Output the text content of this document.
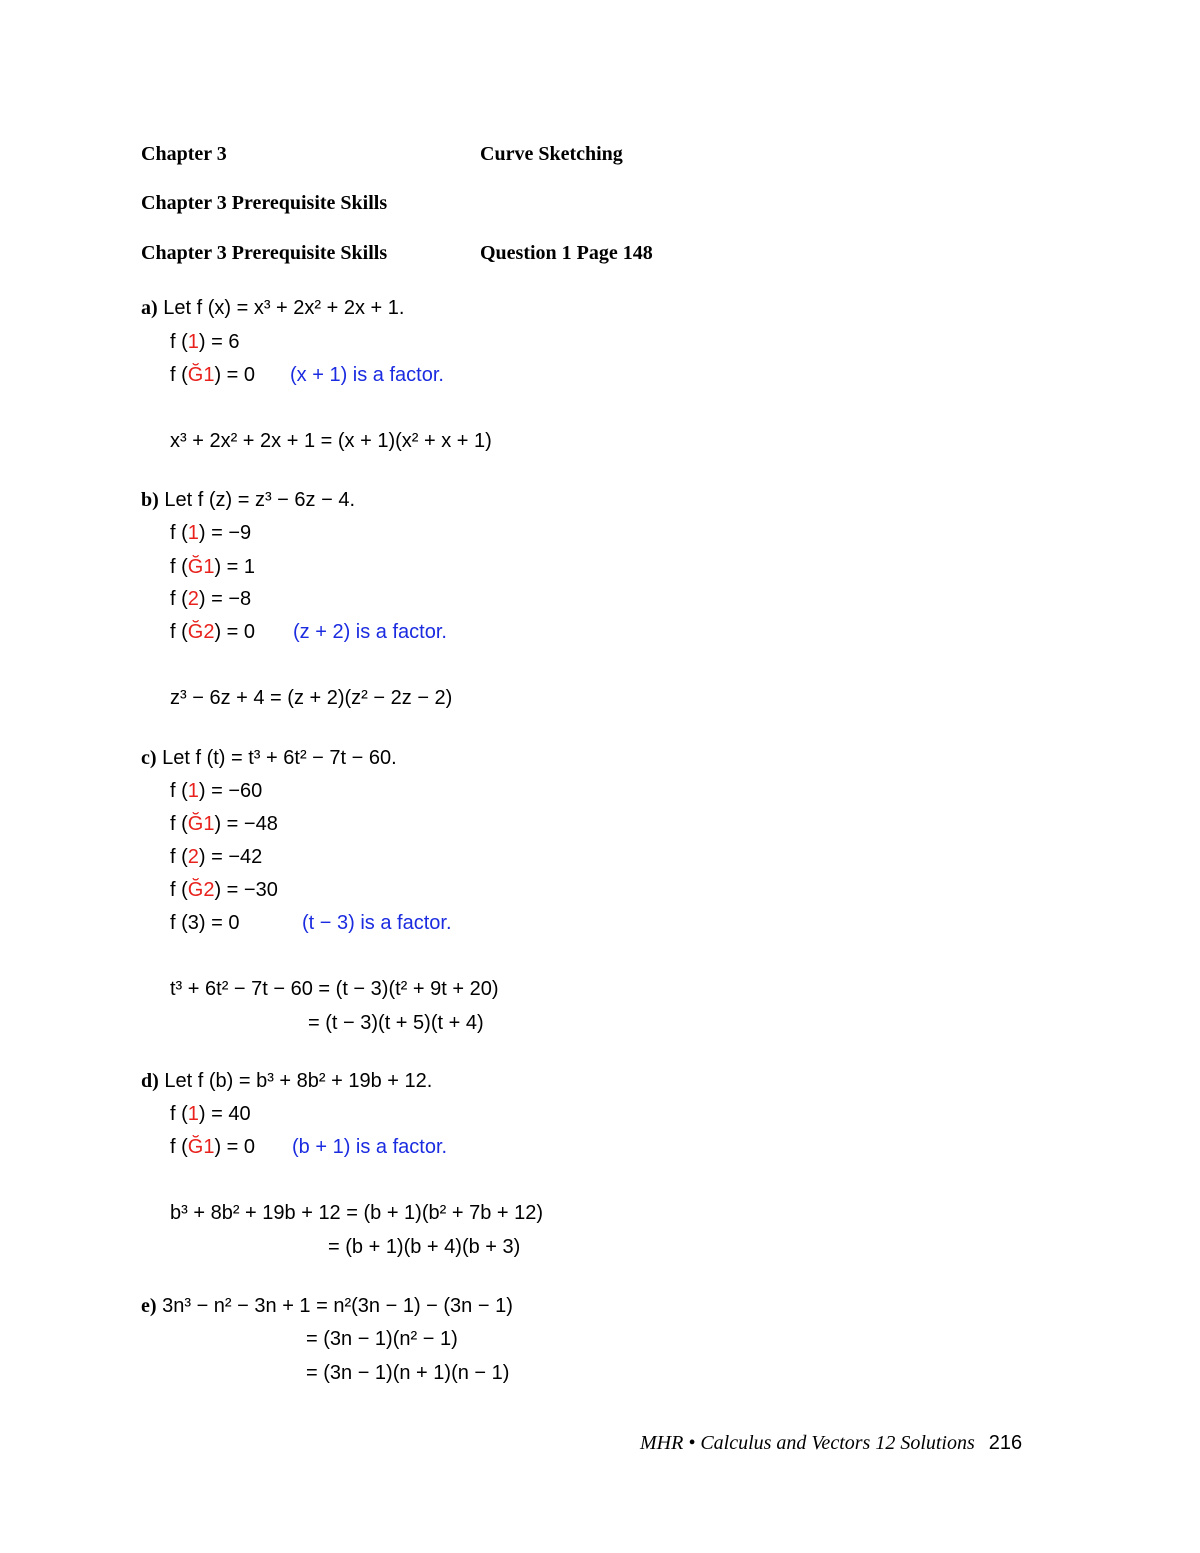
Chapter 3	Curve Sketching
Chapter 3 Prerequisite Skills
Chapter 3 Prerequisite Skills	Question 1 Page 148
a) Let f (x) = x³ + 2x² + 2x + 1.
f (1) = 6
f (Ğ1) = 0 (x + 1) is a factor.
x³ + 2x² + 2x + 1 = (x + 1)(x² + x + 1)
b) Let f (z) = z³ − 6z − 4.
f (1) = −9
f (Ğ1) = 1
f (2) = −8
f (Ğ2) = 0 (z + 2) is a factor.
z³ − 6z + 4 = (z + 2)(z² − 2z − 2)
c) Let f (t) = t³ + 6t² − 7t − 60.
f (1) = −60
f (Ğ1) = −48
f (2) = −42
f (Ğ2) = −30
f (3) = 0	(t − 3) is a factor.
t³ + 6t² − 7t − 60 = (t − 3)(t² + 9t + 20)
= (t − 3)(t + 5)(t + 4)
d) Let f (b) = b³ + 8b² + 19b + 12.
f (1) = 40
f (Ğ1) = 0 (b + 1) is a factor.
b³ + 8b² + 19b + 12 = (b + 1)(b² + 7b + 12)
= (b + 1)(b + 4)(b + 3)
e) 3n³ − n² − 3n + 1 = n²(3n − 1) − (3n − 1)
= (3n − 1)(n² − 1)
= (3n − 1)(n + 1)(n − 1)
MHR • Calculus and Vectors 12 Solutions 216
